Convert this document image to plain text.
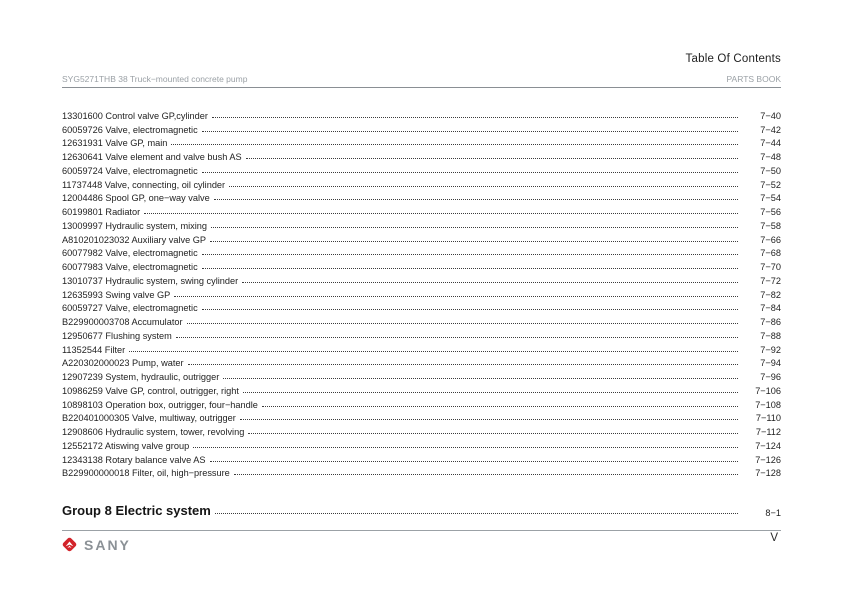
Table Of Contents
SYG5271THB 38 Truck−mounted concrete pump	PARTS BOOK
13301600 Control valve GP,cylinder	7−40
60059726 Valve, electromagnetic	7−42
12631931 Valve GP, main	7−44
12630641 Valve element and valve bush AS	7−48
60059724 Valve, electromagnetic	7−50
11737448 Valve, connecting, oil cylinder	7−52
12004486 Spool GP, one−way valve	7−54
60199801 Radiator	7−56
13009997 Hydraulic system, mixing	7−58
A810201023032 Auxiliary valve GP	7−66
60077982 Valve, electromagnetic	7−68
60077983 Valve, electromagnetic	7−70
13010737 Hydraulic system, swing cylinder	7−72
12635993 Swing valve GP	7−82
60059727 Valve, electromagnetic	7−84
B229900003708 Accumulator	7−86
12950677 Flushing system	7−88
11352544 Filter	7−92
A220302000023 Pump, water	7−94
12907239 System, hydraulic, outrigger	7−96
10986259 Valve GP, control, outrigger, right	7−106
10898103 Operation box, outrigger, four−handle	7−108
B220401000305 Valve, multiway, outrigger	7−110
12908606 Hydraulic system, tower, revolving	7−112
12552172 Atiswing valve group	7−124
12343138 Rotary balance valve AS	7−126
B229900000018 Filter, oil, high−pressure	7−128
Group 8 Electric system	8−1
V
SANY
